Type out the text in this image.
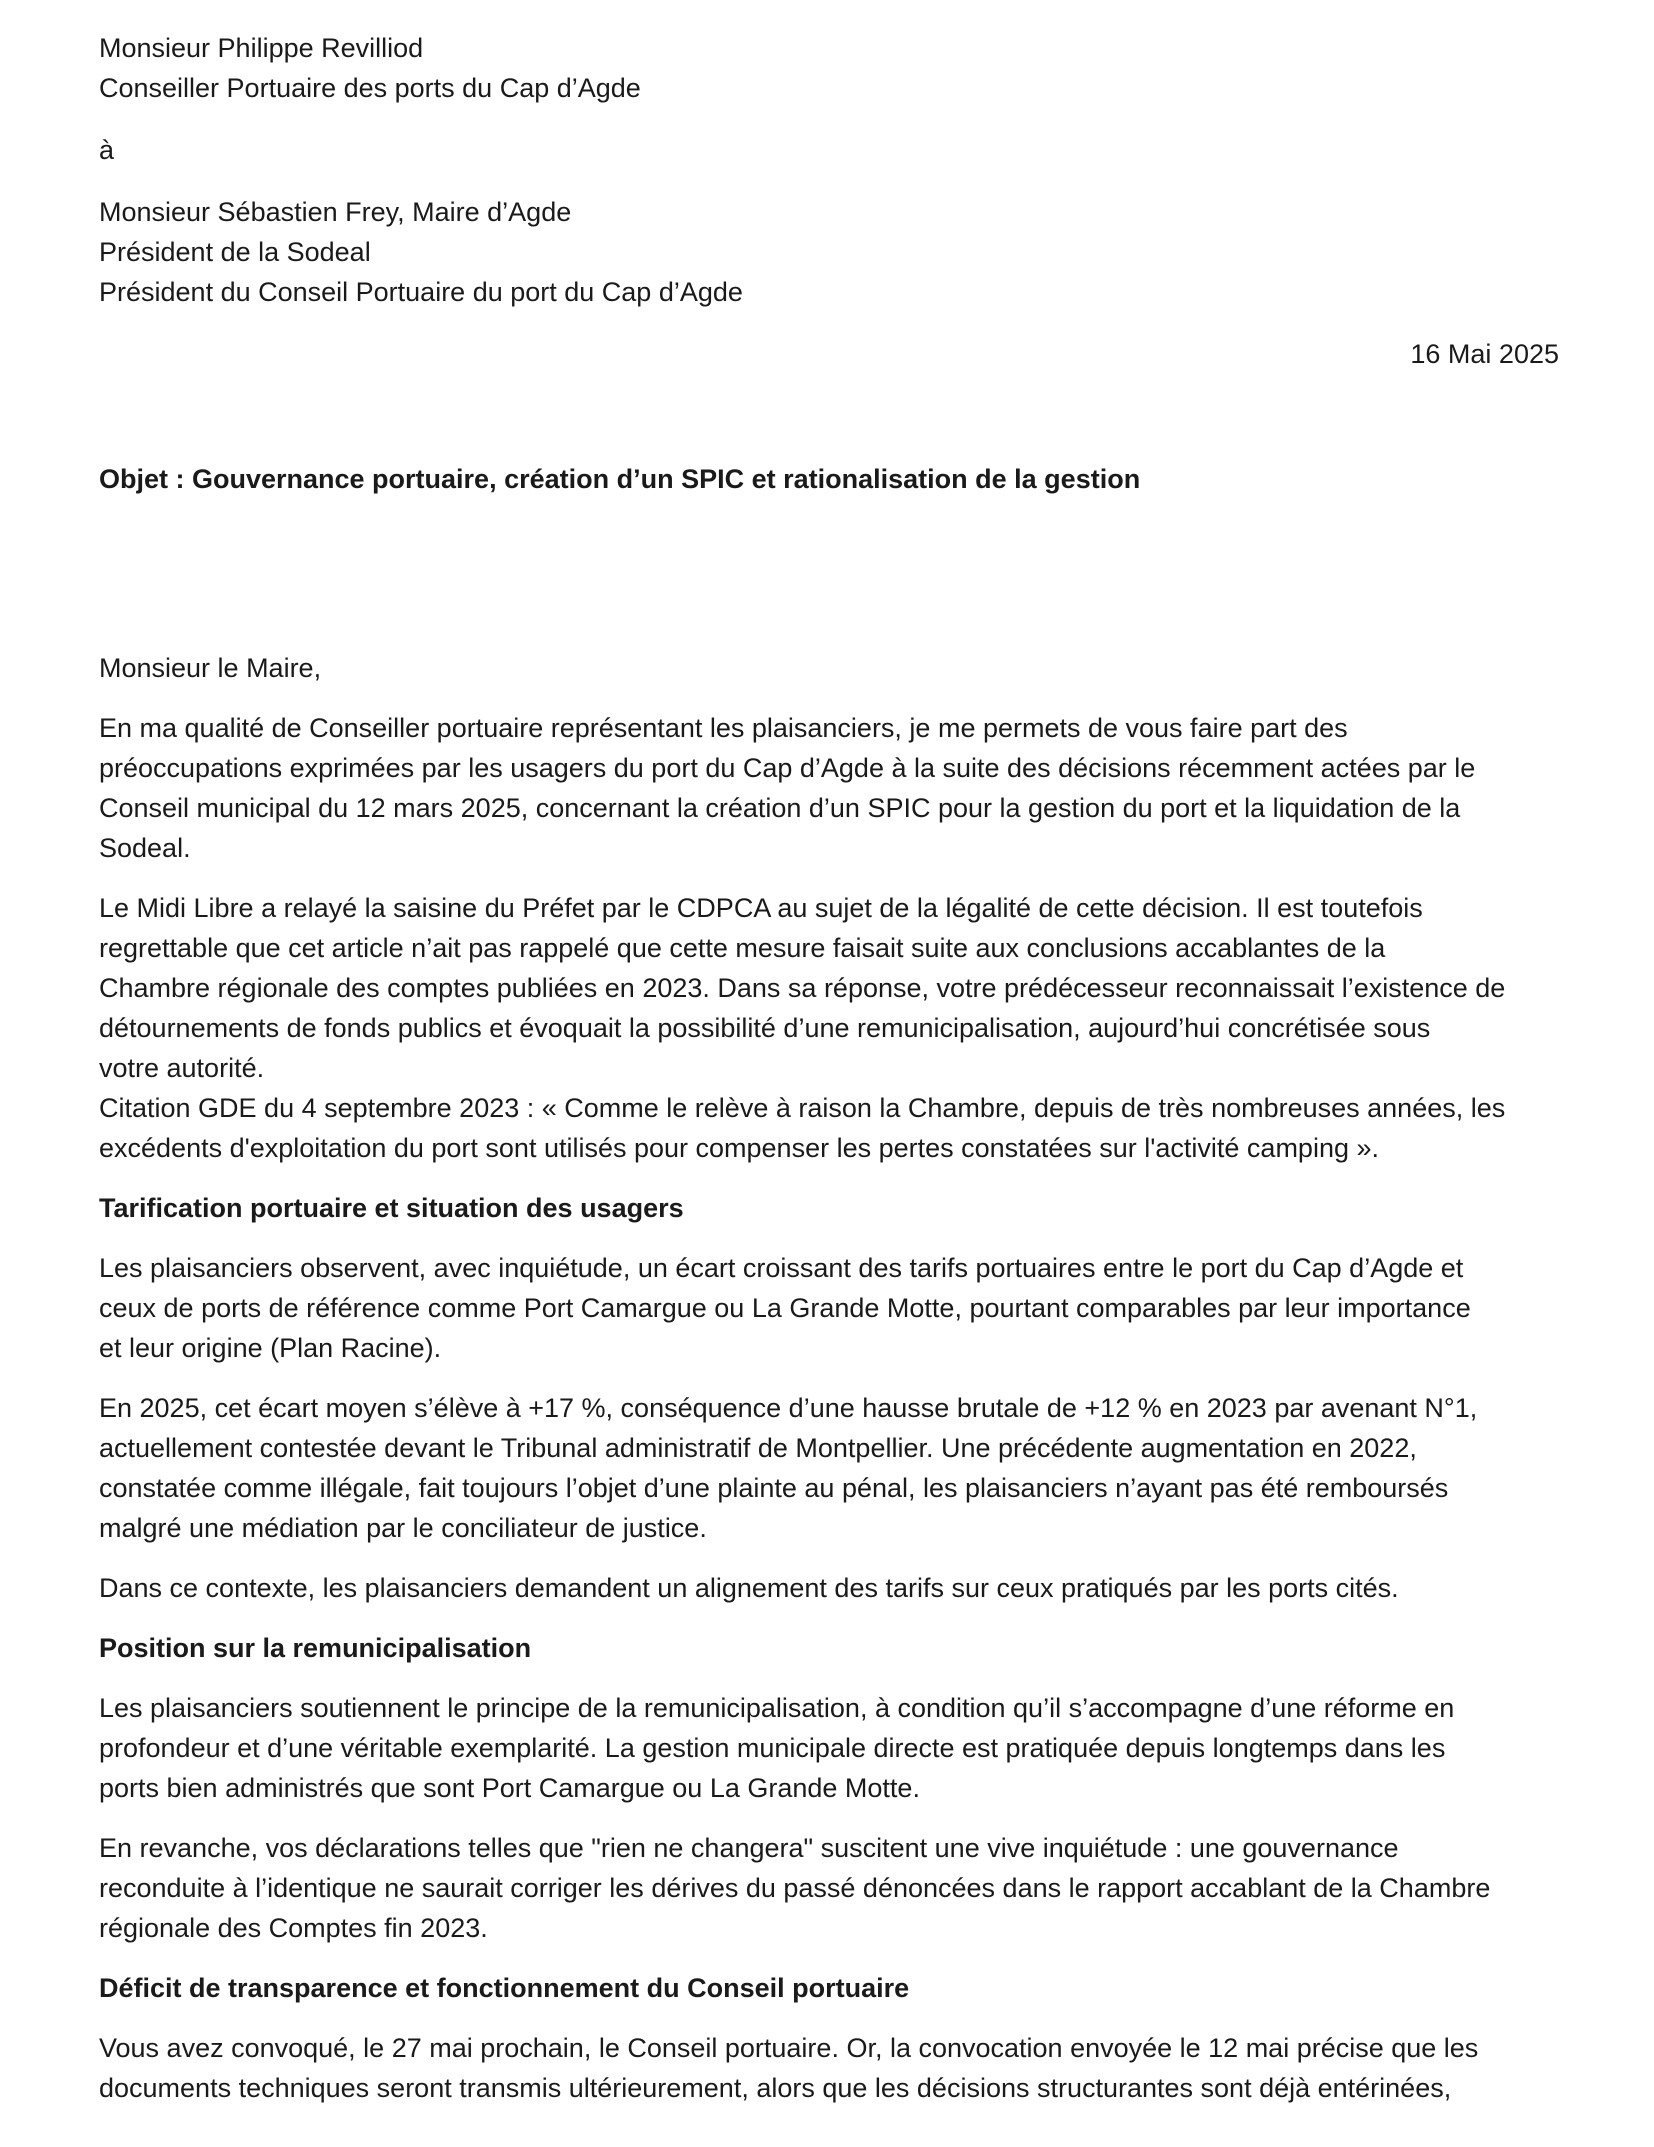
Monsieur Philippe Revilliod
Conseiller Portuaire des ports du Cap d’Agde
à
Monsieur Sébastien Frey, Maire d’Agde
Président de la Sodeal
Président du Conseil Portuaire du port du Cap d’Agde
16 Mai 2025
Objet : Gouvernance portuaire, création d’un SPIC et rationalisation de la gestion
Monsieur le Maire,
En ma qualité de Conseiller portuaire représentant les plaisanciers, je me permets de vous faire part des
préoccupations exprimées par les usagers du port du Cap d’Agde à la suite des décisions récemment actées par le
Conseil municipal du 12 mars 2025, concernant la création d’un SPIC pour la gestion du port et la liquidation de la
Sodeal.
Le Midi Libre a relayé la saisine du Préfet par le CDPCA au sujet de la légalité de cette décision. Il est toutefois
regrettable que cet article n’ait pas rappelé que cette mesure faisait suite aux conclusions accablantes de la
Chambre régionale des comptes publiées en 2023. Dans sa réponse, votre prédécesseur reconnaissait l’existence de
détournements de fonds publics et évoquait la possibilité d’une remunicipalisation, aujourd’hui concrétisée sous
votre autorité.
Citation GDE du 4 septembre 2023 : « Comme le relève à raison la Chambre, depuis de très nombreuses années, les
excédents d'exploitation du port sont utilisés pour compenser les pertes constatées sur l'activité camping ».
Tarification portuaire et situation des usagers
Les plaisanciers observent, avec inquiétude, un écart croissant des tarifs portuaires entre le port du Cap d’Agde et
ceux de ports de référence comme Port Camargue ou La Grande Motte, pourtant comparables par leur importance
et leur origine (Plan Racine).
En 2025, cet écart moyen s’élève à +17 %, conséquence d’une hausse brutale de +12 % en 2023 par avenant N°1,
actuellement contestée devant le Tribunal administratif de Montpellier. Une précédente augmentation en 2022,
constatée comme illégale, fait toujours l’objet d’une plainte au pénal, les plaisanciers n’ayant pas été remboursés
malgré une médiation par le conciliateur de justice.
Dans ce contexte, les plaisanciers demandent un alignement des tarifs sur ceux pratiqués par les ports cités.
Position sur la remunicipalisation
Les plaisanciers soutiennent le principe de la remunicipalisation, à condition qu’il s’accompagne d’une réforme en
profondeur et d’une véritable exemplarité. La gestion municipale directe est pratiquée depuis longtemps dans les
ports bien administrés que sont Port Camargue ou La Grande Motte.
En revanche, vos déclarations telles que "rien ne changera" suscitent une vive inquiétude : une gouvernance
reconduite à l’identique ne saurait corriger les dérives du passé dénoncées dans le rapport accablant de la Chambre
régionale des Comptes fin 2023.
Déficit de transparence et fonctionnement du Conseil portuaire
Vous avez convoqué, le 27 mai prochain, le Conseil portuaire. Or, la convocation envoyée le 12 mai précise que les
documents techniques seront transmis ultérieurement, alors que les décisions structurantes sont déjà entérinées,
